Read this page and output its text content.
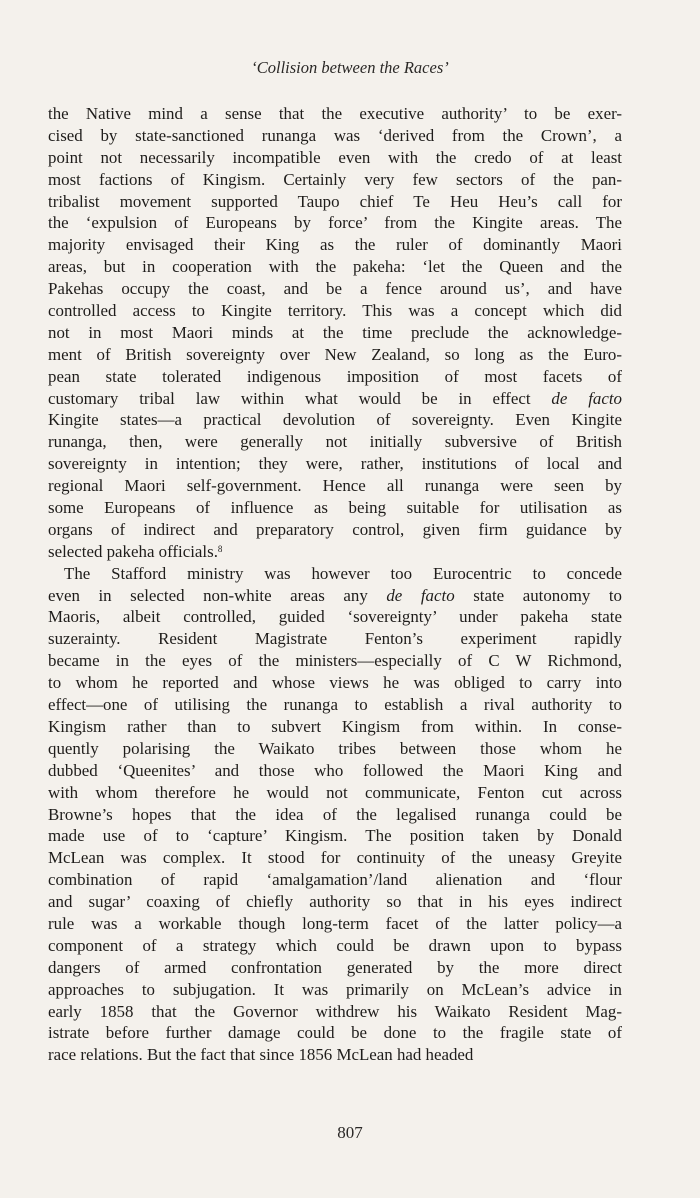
‘Collision between the Races’
the Native mind a sense that the executive authority’ to be exer-
cised by state-sanctioned runanga was ‘derived from the Crown’, a
point not necessarily incompatible even with the credo of at least
most factions of Kingism. Certainly very few sectors of the pan-
tribalist movement supported Taupo chief Te Heu Heu’s call for
the ‘expulsion of Europeans by force’ from the Kingite areas. The
majority envisaged their King as the ruler of dominantly Maori
areas, but in cooperation with the pakeha: ‘let the Queen and the
Pakehas occupy the coast, and be a fence around us’, and have
controlled access to Kingite territory. This was a concept which did
not in most Maori minds at the time preclude the acknowledge-
ment of British sovereignty over New Zealand, so long as the Euro-
pean state tolerated indigenous imposition of most facets of
customary tribal law within what would be in effect de facto
Kingite states—a practical devolution of sovereignty. Even Kingite
runanga, then, were generally not initially subversive of British
sovereignty in intention; they were, rather, institutions of local and
regional Maori self-government. Hence all runanga were seen by
some Europeans of influence as being suitable for utilisation as
organs of indirect and preparatory control, given firm guidance by
selected pakeha officials.$^8$
The Stafford ministry was however too Eurocentric to concede
even in selected non-white areas any de facto state autonomy to
Maoris, albeit controlled, guided ‘sovereignty’ under pakeha state
suzerainty. Resident Magistrate Fenton’s experiment rapidly
became in the eyes of the ministers—especially of C W Richmond,
to whom he reported and whose views he was obliged to carry into
effect—one of utilising the runanga to establish a rival authority to
Kingism rather than to subvert Kingism from within. In conse-
quently polarising the Waikato tribes between those whom he
dubbed ‘Queenites’ and those who followed the Maori King and
with whom therefore he would not communicate, Fenton cut across
Browne’s hopes that the idea of the legalised runanga could be
made use of to ‘capture’ Kingism. The position taken by Donald
McLean was complex. It stood for continuity of the uneasy Greyite
combination of rapid ‘amalgamation’/land alienation and ‘flour
and sugar’ coaxing of chiefly authority so that in his eyes indirect
rule was a workable though long-term facet of the latter policy—a
component of a strategy which could be drawn upon to bypass
dangers of armed confrontation generated by the more direct
approaches to subjugation. It was primarily on McLean’s advice in
early 1858 that the Governor withdrew his Waikato Resident Mag-
istrate before further damage could be done to the fragile state of
race relations. But the fact that since 1856 McLean had headed
807
